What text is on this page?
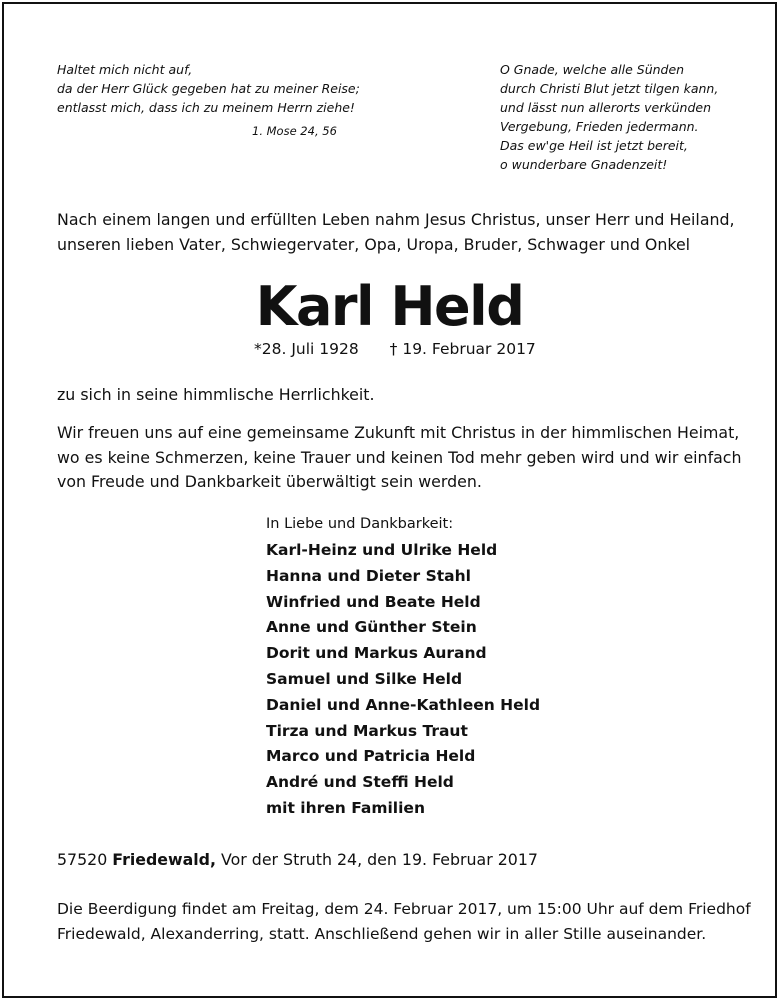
Haltet mich nicht auf,
da der Herr Glück gegeben hat zu meiner Reise;
entlasst mich, dass ich zu meinem Herrn ziehe!
1. Mose 24, 56
O Gnade, welche alle Sünden
durch Christi Blut jetzt tilgen kann,
und lässt nun allerorts verkünden
Vergebung, Frieden jedermann.
Das ew'ge Heil ist jetzt bereit,
o wunderbare Gnadenzeit!
Nach einem langen und erfüllten Leben nahm Jesus Christus, unser Herr und Heiland,
unseren lieben Vater, Schwiegervater, Opa, Uropa, Bruder, Schwager und Onkel
Karl Held
*28. Juli 1928 † 19. Februar 2017
zu sich in seine himmlische Herrlichkeit.
Wir freuen uns auf eine gemeinsame Zukunft mit Christus in der himmlischen Heimat,
wo es keine Schmerzen, keine Trauer und keinen Tod mehr geben wird und wir einfach
von Freude und Dankbarkeit überwältigt sein werden.
In Liebe und Dankbarkeit:
Karl-Heinz und Ulrike Held
Hanna und Dieter Stahl
Winfried und Beate Held
Anne und Günther Stein
Dorit und Markus Aurand
Samuel und Silke Held
Daniel und Anne-Kathleen Held
Tirza und Markus Traut
Marco und Patricia Held
André und Steffi Held
mit ihren Familien
57520 Friedewald, Vor der Struth 24, den 19. Februar 2017
Die Beerdigung findet am Freitag, dem 24. Februar 2017, um 15:00 Uhr auf dem Friedhof
Friedewald, Alexanderring, statt. Anschließend gehen wir in aller Stille auseinander.
